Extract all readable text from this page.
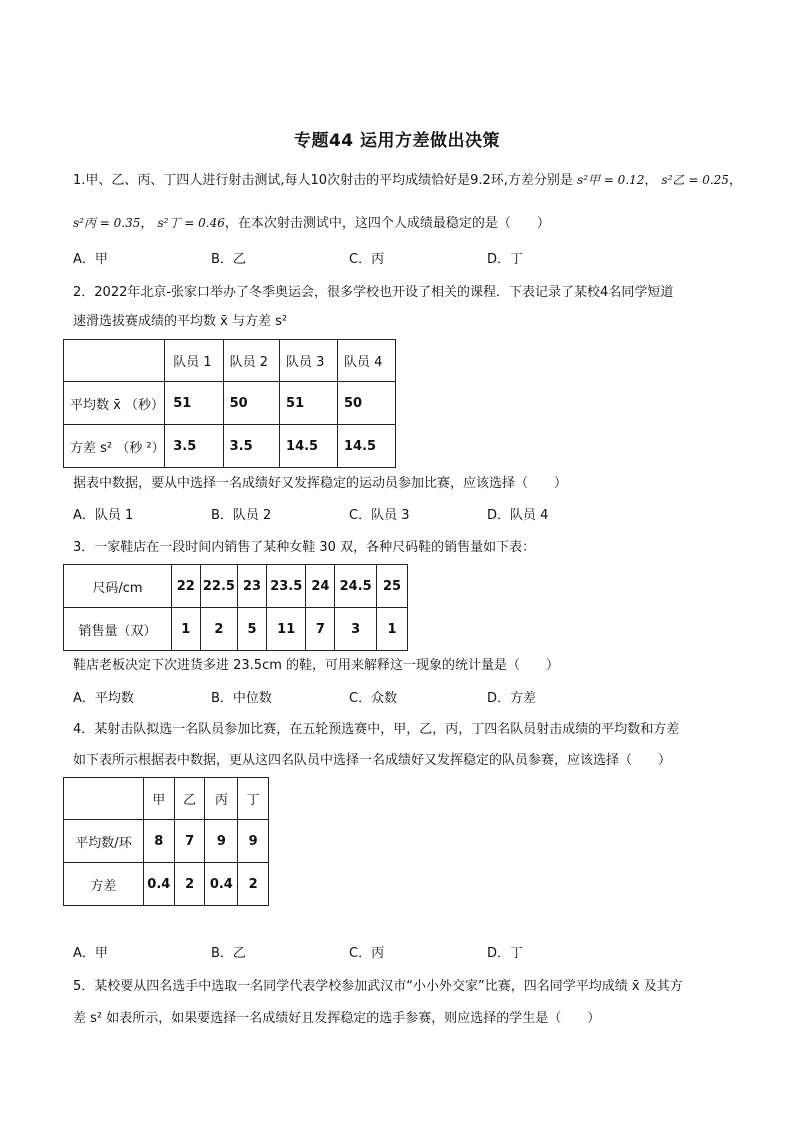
专题44 运用方差做出决策
1.甲、乙、丙、丁四人进行射击测试,每人10次射击的平均成绩恰好是9.2环,方差分别是 s²甲 = 0.12， s²乙 = 0.25，
s²丙 = 0.35， s²丁 = 0.46，在本次射击测试中，这四个人成绩最稳定的是（　　）
A．甲	B．乙	C．丙	D．丁
2．2022年北京-张家口举办了冬季奥运会，很多学校也开设了相关的课程．下表记录了某校4名同学短道
速滑选拔赛成绩的平均数 x̄ 与方差 s²
	队员 1	队员 2	队员 3	队员 4
平均数 x̄ （秒）	51	50	51	50
方差 s² （秒 ²）	3.5	3.5	14.5	14.5
据表中数据，要从中选择一名成绩好又发挥稳定的运动员参加比赛，应该选择（　　）
A．队员 1	B．队员 2	C．队员 3	D．队员 4
3．一家鞋店在一段时间内销售了某种女鞋 30 双，各种尺码鞋的销售量如下表：
尺码/cm	22	22.5	23	23.5	24	24.5	25
销售量（双）	1	2	5	11	7	3	1
鞋店老板决定下次进货多进 23.5cm 的鞋，可用来解释这一现象的统计量是（　　）
A．平均数	B．中位数	C．众数	D．方差
4．某射击队拟选一名队员参加比赛，在五轮预选赛中，甲，乙，丙，丁四名队员射击成绩的平均数和方差
如下表所示根据表中数据，更从这四名队员中选择一名成绩好又发挥稳定的队员参赛，应该选择（　　）
	甲	乙	丙	丁
平均数/环	8	7	9	9
方差	0.4	2	0.4	2
A．甲	B．乙	C．丙	D．丁
5．某校要从四名选手中选取一名同学代表学校参加武汉市“小小外交家”比赛，四名同学平均成绩 x̄ 及其方
差 s² 如表所示，如果要选择一名成绩好且发挥稳定的选手参赛，则应选择的学生是（　　）
